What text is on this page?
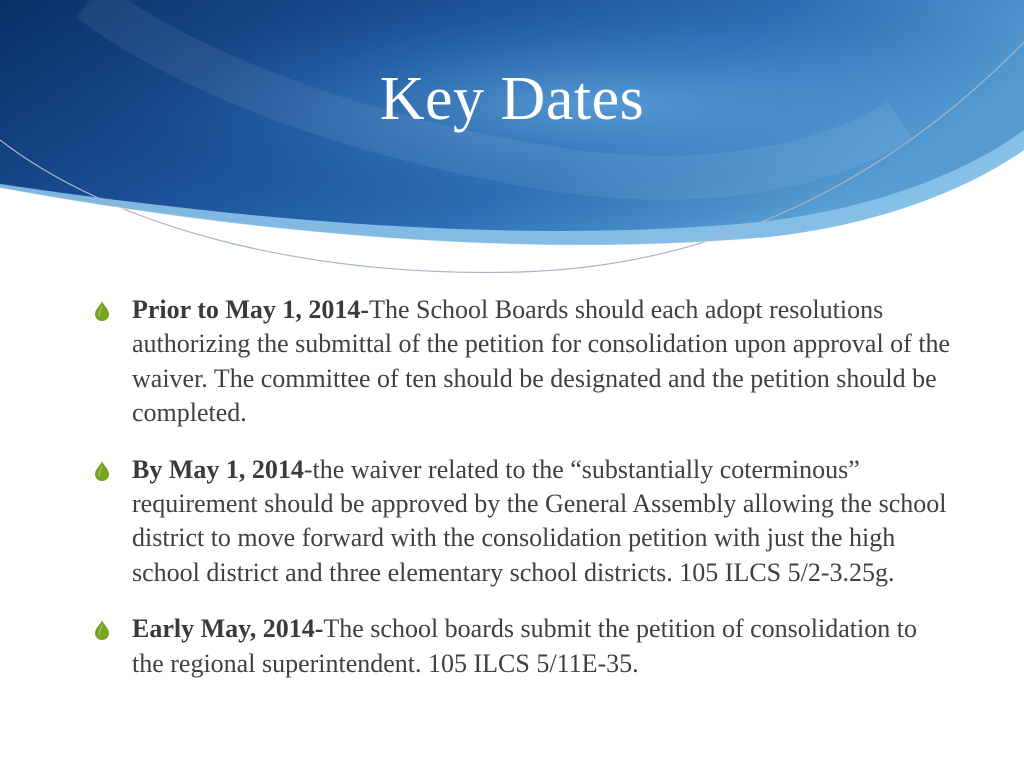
Key Dates
Prior to May 1, 2014-The School Boards should each adopt resolutions authorizing the submittal of the petition for consolidation upon approval of the waiver. The committee of ten should be designated and the petition should be completed.
By May 1, 2014-the waiver related to the “substantially coterminous” requirement should be approved by the General Assembly allowing the school district to move forward with the consolidation petition with just the high school district and three elementary school districts. 105 ILCS 5/2-3.25g.
Early May, 2014-The school boards submit the petition of consolidation to the regional superintendent. 105 ILCS 5/11E-35.
